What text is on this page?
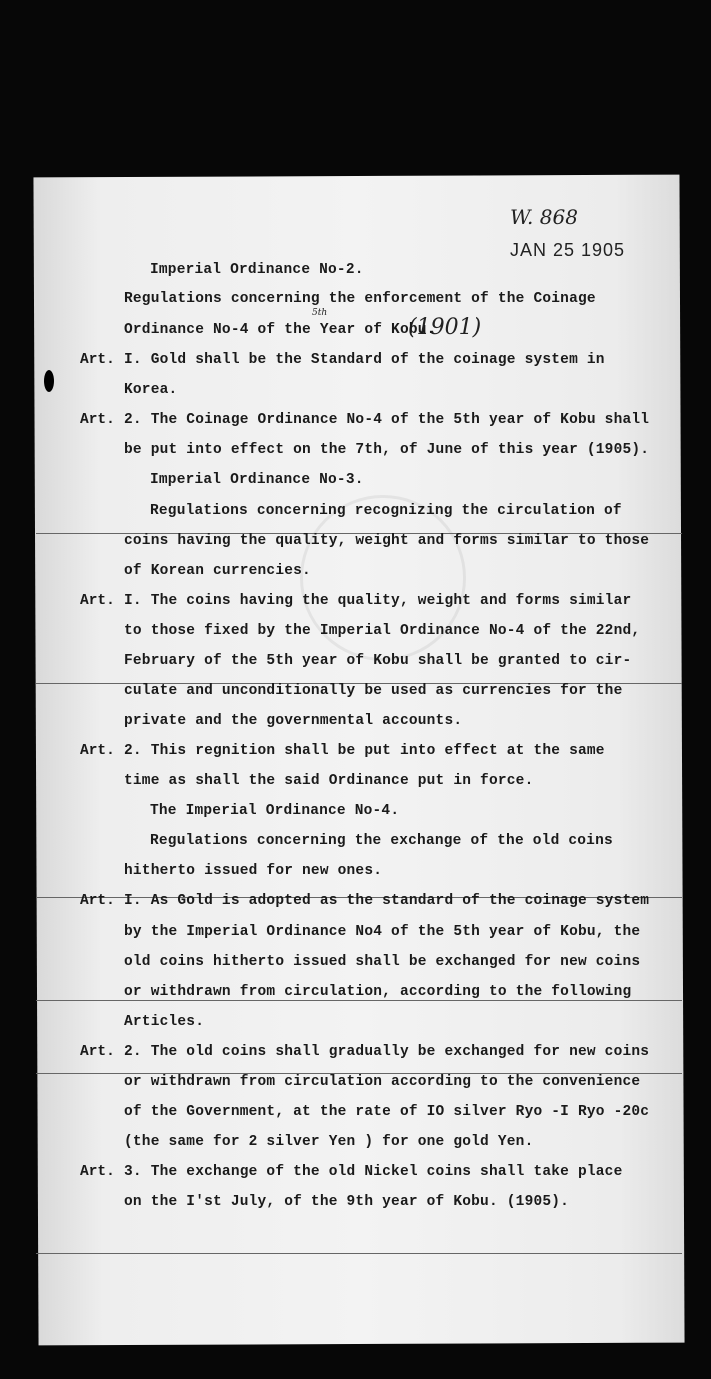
W. 868
JAN 25 1905
(1901)
5th
Imperial Ordinance No-2.
Regulations concerning the enforcement of the Coinage
Ordinance No-4 of the Year of Kobu.
Art. I. Gold shall be the Standard of the coinage system in
Korea.
Art. 2. The Coinage Ordinance No-4 of the 5th year of Kobu shall
be put into effect on the 7th, of June of this year (1905).
Imperial Ordinance No-3.
Regulations concerning recognizing the circulation of
coins having the quality, weight and forms similar to those
of Korean currencies.
Art. I. The coins having the quality, weight and forms similar
to those fixed by the Imperial Ordinance No-4 of the 22nd,
February of the 5th year of Kobu shall be granted to cir-
culate and unconditionally be used as currencies for the
private and the governmental accounts.
Art. 2. This regnition shall be put into effect at the same
time as shall the said Ordinance put in force.
The Imperial Ordinance No-4.
Regulations concerning the exchange of the old coins
hitherto issued for new ones.
Art. I. As Gold is adopted as the standard of the coinage system
by the Imperial Ordinance No4 of the 5th year of Kobu, the
old coins hitherto issued shall be exchanged for new coins
or withdrawn from circulation, according to the following
Articles.
Art. 2. The old coins shall gradually be exchanged for new coins
or withdrawn from circulation according to the convenience
of the Government, at the rate of IO silver Ryo -I Ryo -20c
(the same for 2 silver Yen ) for one gold Yen.
Art. 3. The exchange of the old Nickel coins shall take place
on the I'st July, of the 9th year of Kobu. (1905).
